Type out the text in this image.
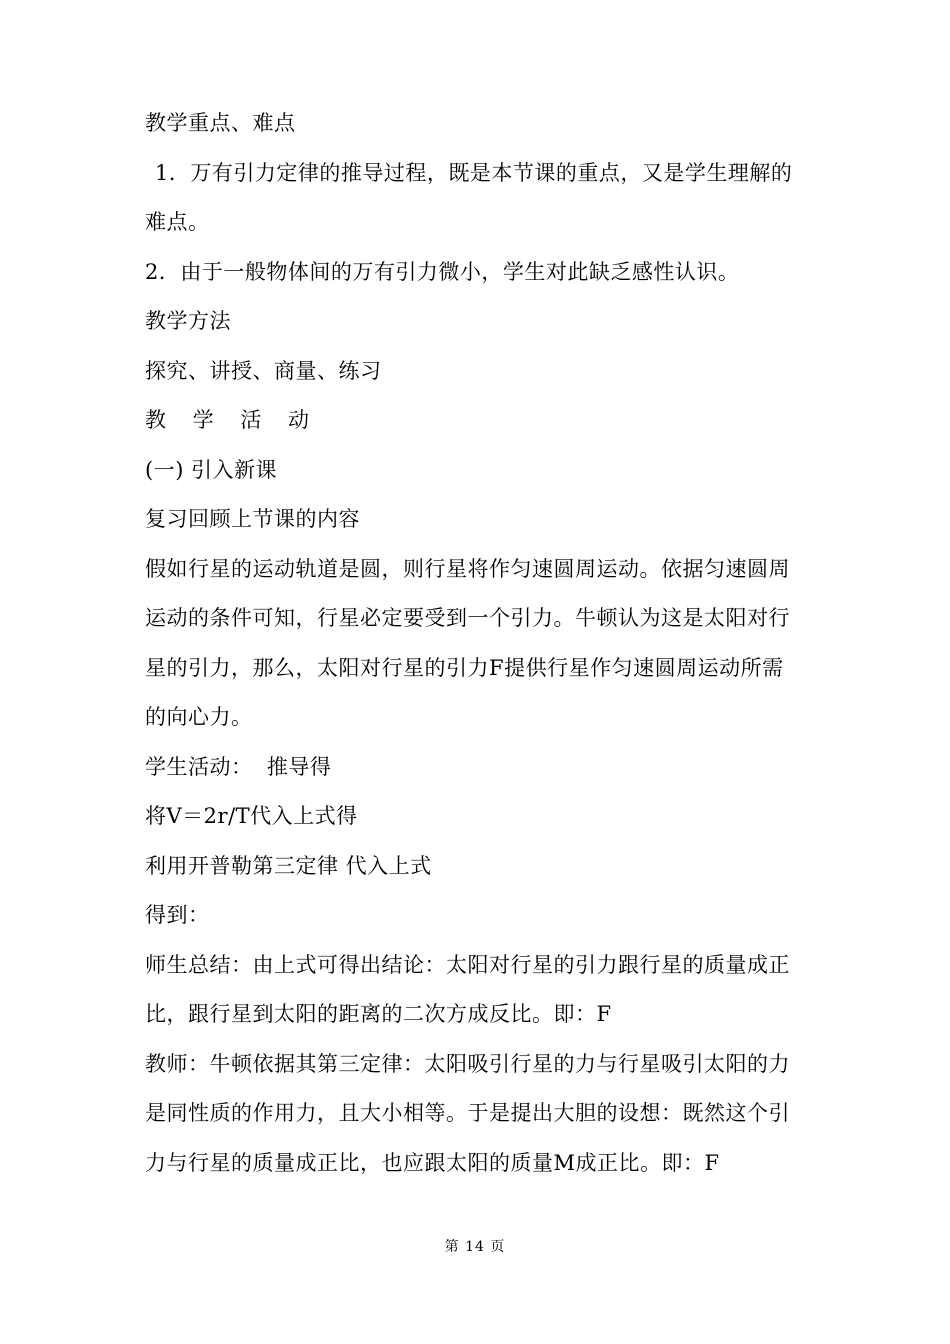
教学重点、难点
1．万有引力定律的推导过程，既是本节课的重点，又是学生理解的
难点。
2．由于一般物体间的万有引力微小，学生对此缺乏感性认识。
教学方法
探究、讲授、商量、练习
教 学 活 动
(一) 引入新课
复习回顾上节课的内容
假如行星的运动轨道是圆，则行星将作匀速圆周运动。依据匀速圆周
运动的条件可知，行星必定要受到一个引力。牛顿认为这是太阳对行
星的引力，那么，太阳对行星的引力F提供行星作匀速圆周运动所需
的向心力。
学生活动：  推导得
将V＝2r/T代入上式得
利用开普勒第三定律 代入上式
得到：
师生总结：由上式可得出结论：太阳对行星的引力跟行星的质量成正
比，跟行星到太阳的距离的二次方成反比。即：F
教师：牛顿依据其第三定律：太阳吸引行星的力与行星吸引太阳的力
是同性质的作用力，且大小相等。于是提出大胆的设想：既然这个引
力与行星的质量成正比，也应跟太阳的质量M成正比。即：F
第 14 页
